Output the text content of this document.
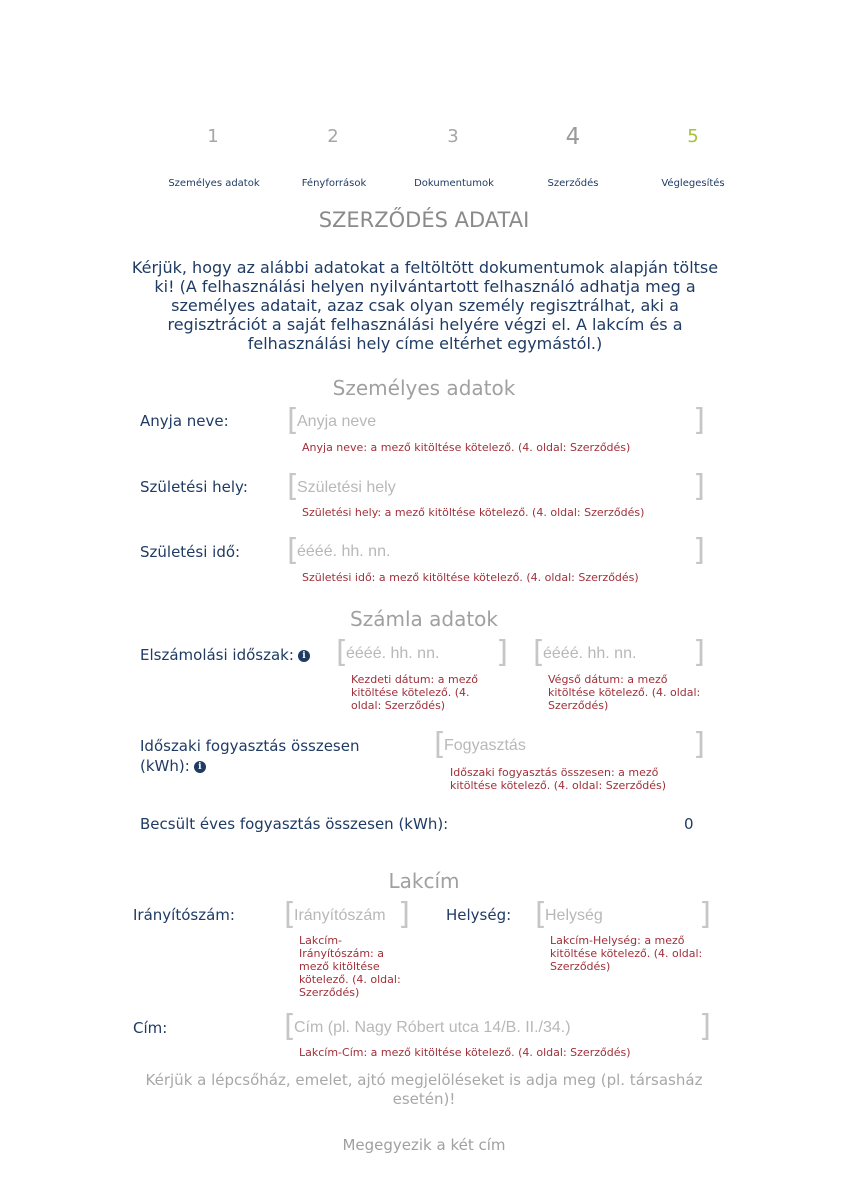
1	2	3	4	5
Személyes adatok	Fényforrások	Dokumentumok	Szerződés	Véglegesítés
SZERZŐDÉS ADATAI
Kérjük, hogy az alábbi adatokat a feltöltött dokumentumok alapján töltse ki! (A felhasználási helyen nyilvántartott felhasználó adhatja meg a személyes adatait, azaz csak olyan személy regisztrálhat, aki a regisztrációt a saját felhasználási helyére végzi el. A lakcím és a felhasználási hely címe eltérhet egymástól.)
Személyes adatok
Anyja neve: [
Anyja neve	]
Anyja neve: a mező kitöltése kötelező. (4. oldal: Szerződés)
Születési hely: [
Születési hely	]
Születési hely: a mező kitöltése kötelező. (4. oldal: Szerződés)
Születési idő: [
éééé. hh. nn.	]
Születési idő: a mező kitöltése kötelező. (4. oldal: Szerződés)
Számla adatok
Elszámolási időszak: i [
éééé. hh. nn.	]
Kezdeti dátum: a mező kitöltése kötelező. (4. oldal: Szerződés)
[
éééé. hh. nn.	]
Végső dátum: a mező kitöltése kötelező. (4. oldal: Szerződés)
Időszaki fogyasztás összesen (kWh): i
[
Fogyasztás	]
Időszaki fogyasztás összesen: a mező kitöltése kötelező. (4. oldal: Szerződés)
Becsült éves fogyasztás összesen (kWh):	0
Lakcím
Irányítószám: [
Irányítószám	]
Lakcím-Irányítószám: a mező kitöltése kötelező. (4. oldal: Szerződés)
Helység: [
Helység	]
Lakcím-Helység: a mező kitöltése kötelező. (4. oldal: Szerződés)
Cím:	[
Cím (pl. Nagy Róbert utca 14/B. II./34.)	]
Lakcím-Cím: a mező kitöltése kötelező. (4. oldal: Szerződés)
Kérjük a lépcsőház, emelet, ajtó megjelöléseket is adja meg (pl. társasház esetén)!
Megegyezik a két cím
